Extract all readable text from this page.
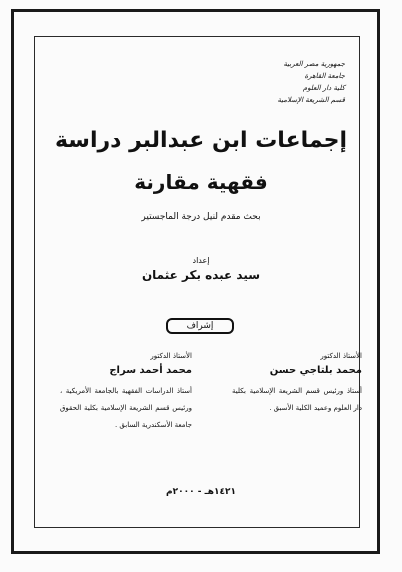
جمهورية مصر العربية
جامعة القاهرة
كلية دار العلوم
قسم الشريعة الإسلامية
إجماعات ابن عبدالبر دراسة
فقهية مقارنة
بحث مقدم لنيل درجة الماجستير
إعداد
سيد عبده بكر عثمان
إشراف
الأستاذ الدكتور
محمد بلتاجي حسن
أستاذ ورئيس قسم الشريعة الإسلامية بكلية دار العلوم وعميد الكلية الأسبق .
الأستاذ الدكتور
محمد أحمد سراج
أستاذ الدراسات الفقهية بالجامعة الأمريكية ، ورئيس قسم الشريعة الإسلامية بكلية الحقوق جامعة الأسكندرية السابق .
١٤٢١هـ - ٢٠٠٠م
